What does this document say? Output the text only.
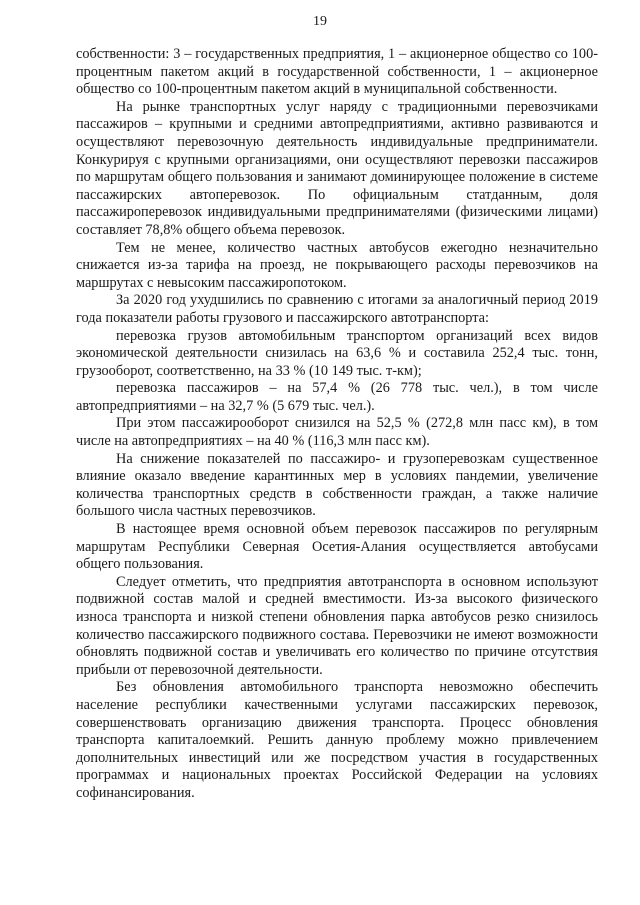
19

собственности: 3 – государственных предприятия, 1 – акционерное общество со 100-процентным пакетом акций в государственной собственности, 1 – акционерное общество со 100-процентным пакетом акций в муниципальной собственности.

На рынке транспортных услуг наряду с традиционными перевозчиками пассажиров – крупными и средними автопредприятиями, активно развиваются и осуществляют перевозочную деятельность индивидуальные предприниматели. Конкурируя с крупными организациями, они осуществляют перевозки пассажиров по маршрутам общего пользования и занимают доминирующее положение в системе пассажирских автоперевозок. По официальным статданным, доля пассажироперевозок индивидуальными предпринимателями (физическими лицами) составляет 78,8% общего объема перевозок.

Тем не менее, количество частных автобусов ежегодно незначительно снижается из-за тарифа на проезд, не покрывающего расходы перевозчиков на маршрутах с невысоким пассажиропотоком.

За 2020 год ухудшились по сравнению с итогами за аналогичный период 2019 года показатели работы грузового и пассажирского автотранспорта:

перевозка грузов автомобильным транспортом организаций всех видов экономической деятельности снизилась на 63,6 % и составила 252,4 тыс. тонн, грузооборот, соответственно, на 33 % (10 149 тыс. т-км);

перевозка пассажиров – на 57,4 % (26 778 тыс. чел.), в том числе автопредприятиями – на 32,7 % (5 679 тыс. чел.).

При этом пассажирооборот снизился на 52,5 % (272,8 млн пасс км), в том числе на автопредприятиях – на 40 % (116,3 млн пасс км).

На снижение показателей по пассажиро- и грузоперевозкам существенное влияние оказало введение карантинных мер в условиях пандемии, увеличение количества транспортных средств в собственности граждан, а также наличие большого числа частных перевозчиков.

В настоящее время основной объем перевозок пассажиров по регулярным маршрутам Республики Северная Осетия-Алания осуществляется автобусами общего пользования.

Следует отметить, что предприятия автотранспорта в основном используют подвижной состав малой и средней вместимости. Из-за высокого физического износа транспорта и низкой степени обновления парка автобусов резко снизилось количество пассажирского подвижного состава. Перевозчики не имеют возможности обновлять подвижной состав и увеличивать его количество по причине отсутствия прибыли от перевозочной деятельности.

Без обновления автомобильного транспорта невозможно обеспечить население республики качественными услугами пассажирских перевозок, совершенствовать организацию движения транспорта. Процесс обновления транспорта капиталоемкий. Решить данную проблему можно привлечением дополнительных инвестиций или же посредством участия в государственных программах и национальных проектах Российской Федерации на условиях софинансирования.
